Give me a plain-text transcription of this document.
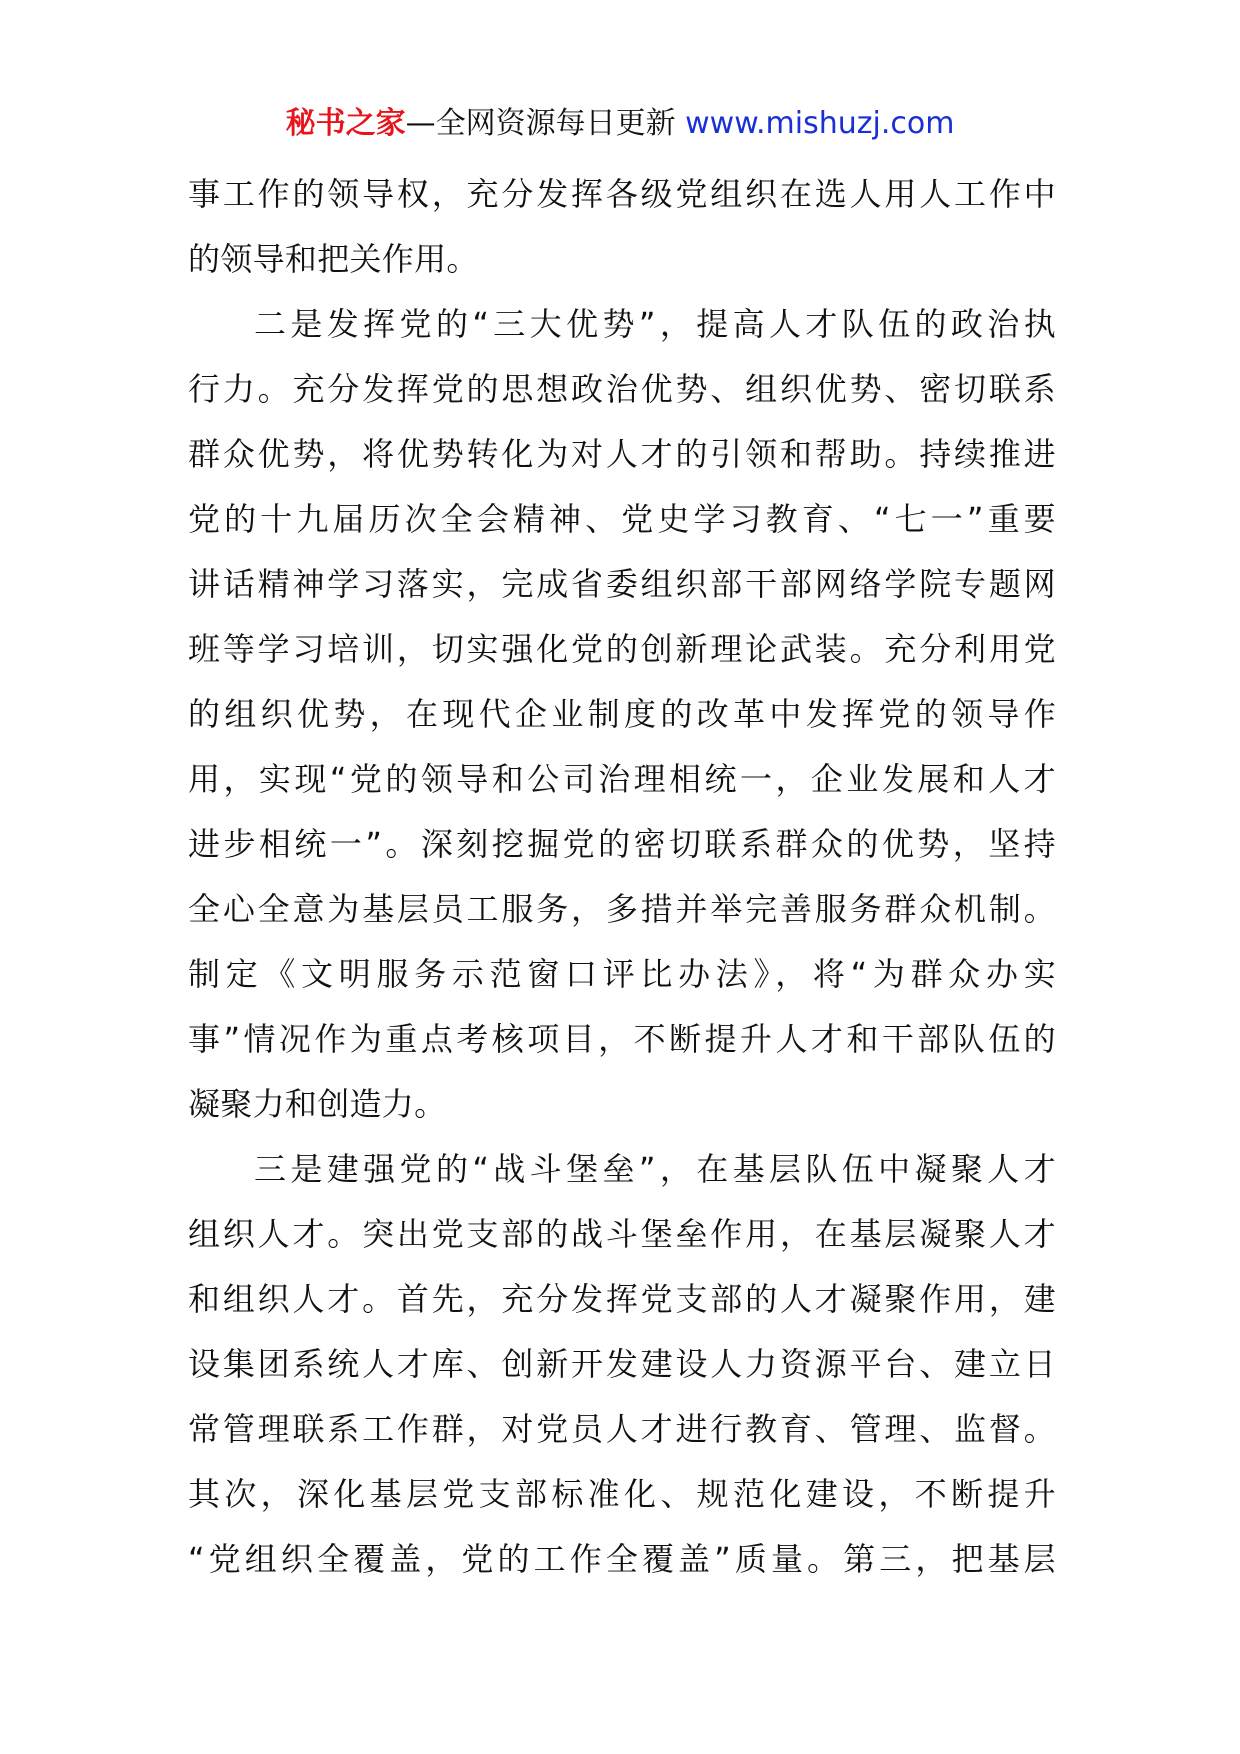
秘书之家—全网资源每日更新 www.mishuzj.com
事工作的领导权，充分发挥各级党组织在选人用人工作中
的领导和把关作用。
二是发挥党的“三大优势”，提高人才队伍的政治执
行力。充分发挥党的思想政治优势、组织优势、密切联系
群众优势，将优势转化为对人才的引领和帮助。持续推进
党的十九届历次全会精神、党史学习教育、“七一”重要
讲话精神学习落实，完成省委组织部干部网络学院专题网
班等学习培训，切实强化党的创新理论武装。充分利用党
的组织优势，在现代企业制度的改革中发挥党的领导作
用，实现“党的领导和公司治理相统一，企业发展和人才
进步相统一”。深刻挖掘党的密切联系群众的优势，坚持
全心全意为基层员工服务，多措并举完善服务群众机制。
制定《文明服务示范窗口评比办法》，将“为群众办实
事”情况作为重点考核项目，不断提升人才和干部队伍的
凝聚力和创造力。
三是建强党的“战斗堡垒”，在基层队伍中凝聚人才
组织人才。突出党支部的战斗堡垒作用，在基层凝聚人才
和组织人才。首先，充分发挥党支部的人才凝聚作用，建
设集团系统人才库、创新开发建设人力资源平台、建立日
常管理联系工作群，对党员人才进行教育、管理、监督。
其次，深化基层党支部标准化、规范化建设，不断提升
“党组织全覆盖，党的工作全覆盖”质量。第三，把基层
